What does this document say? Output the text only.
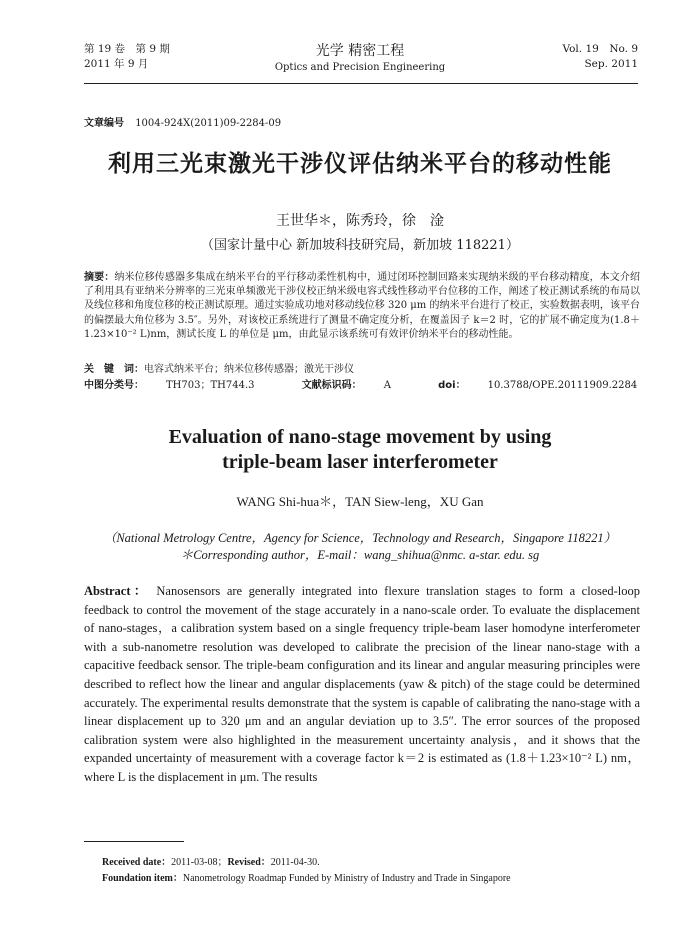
第 19 卷　第 9 期
2011 年 9 月
光学 精密工程
Optics and Precision Engineering
Vol. 19　No. 9
Sep. 2011
文章编号 1004-924X(2011)09-2284-09
利用三光束激光干涉仪评估纳米平台的移动性能
王世华＊，陈秀玲，徐　淦
（国家计量中心 新加坡科技研究局，新加坡 118221）
摘要：纳米位移传感器多集成在纳米平台的平行移动柔性机构中，通过闭环控制回路来实现纳米级的平台移动精度，本文介绍了利用具有亚纳米分辨率的三光束单频激光干涉仪校正纳米级电容式线性移动平台位移的工作，阐述了校正测试系统的布局以及线位移和角度位移的校正测试原理。通过实验成功地对移动线位移 320 μm 的纳米平台进行了校正，实验数据表明，该平台的偏摆最大角位移为 3.5″。另外，对该校正系统进行了测量不确定度分析，在覆盖因子 k＝2 时，它的扩展不确定度为(1.8＋1.23×10⁻² L)nm，测试长度 L 的单位是 μm，由此显示该系统可有效评价纳米平台的移动性能。
关　键　词：电容式纳米平台；纳米位移传感器；激光干涉仪
中图分类号： TH703；TH744.3	文献标识码： A	doi： 10.3788/OPE.20111909.2284
Evaluation of nano-stage movement by using
triple-beam laser interferometer
WANG Shi-hua＊，TAN Siew-leng，XU Gan
（National Metrology Centre，Agency for Science，Technology and Research，Singapore 118221）
＊Corresponding author，E-mail：wang_shihua@nmc. a-star. edu. sg
Abstract： Nanosensors are generally integrated into flexure translation stages to form a closed-loop feedback to control the movement of the stage accurately in a nano-scale order. To evaluate the displacement of nano-stages，a calibration system based on a single frequency triple-beam laser homodyne interferometer with a sub-nanometre resolution was developed to calibrate the precision of the linear nano-stage with a capacitive feedback sensor. The triple-beam configuration and its linear and angular measuring principles were described to reflect how the linear and angular displacements (yaw & pitch) of the stage could be determined accurately. The experimental results demonstrate that the system is capable of calibrating the nano-stage with a linear displacement up to 320 μm and an angular deviation up to 3.5″. The error sources of the proposed calibration system were also highlighted in the measurement uncertainty analysis，and it shows that the expanded uncertainty of measurement with a coverage factor k＝2 is estimated as (1.8＋1.23×10⁻² L) nm，where L is the displacement in μm. The results
Received date：2011-03-08；Revised：2011-04-30.
Foundation item：Nanometrology Roadmap Funded by Ministry of Industry and Trade in Singapore
